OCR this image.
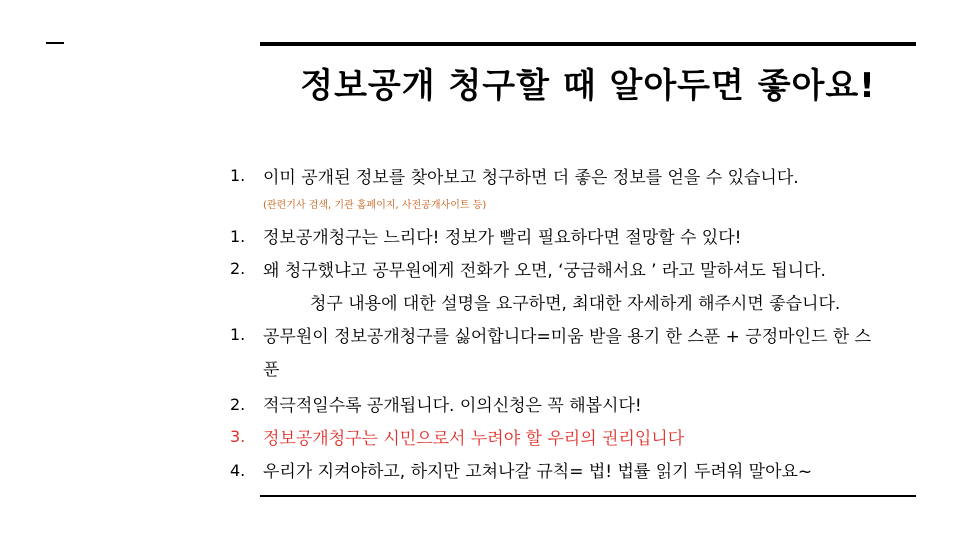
정보공개 청구할 때 알아두면 좋아요!
1. 이미 공개된 정보를 찾아보고 청구하면 더 좋은 정보를 얻을 수 있습니다.
(관련기사 검색, 기관 홈페이지, 사전공개사이트 등)
1. 정보공개청구는 느리다! 정보가 빨리 필요하다면 절망할 수 있다!
2. 왜 청구했냐고 공무원에게 전화가 오면, ‘궁금해서요 ’ 라고 말하셔도 됩니다.
청구 내용에 대한 설명을 요구하면, 최대한 자세하게 해주시면 좋습니다.
1. 공무원이 정보공개청구를 싫어합니다=미움 받을 용기 한 스푼 + 긍정마인드 한 스
푼
2. 적극적일수록 공개됩니다. 이의신청은 꼭 해봅시다!
3. 정보공개청구는 시민으로서 누려야 할 우리의 권리입니다
4. 우리가 지켜야하고, 하지만 고쳐나갈 규칙= 법! 법률 읽기 두려워 말아요~
